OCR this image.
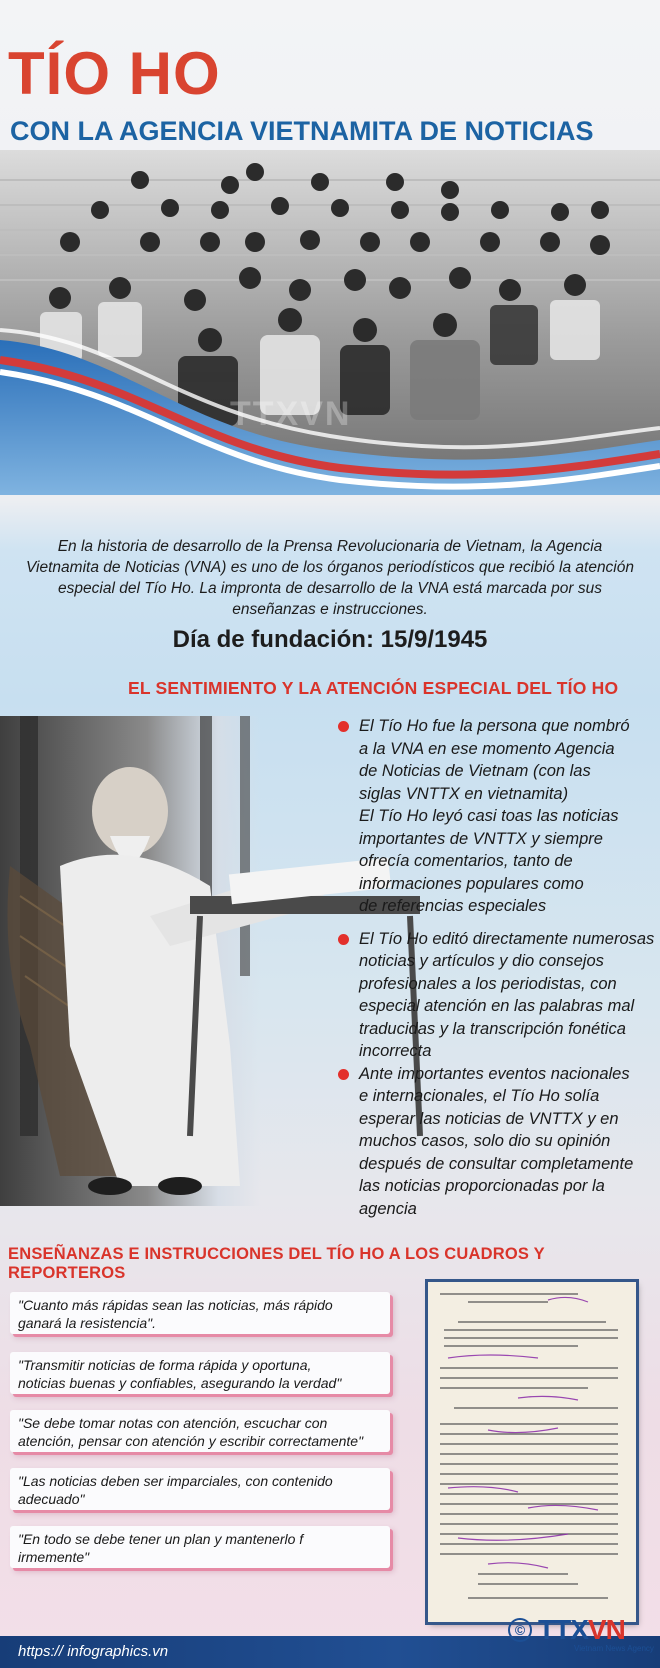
TÍO HO
CON LA AGENCIA VIETNAMITA DE NOTICIAS
TTXVN
En la historia de desarrollo de la Prensa Revolucionaria de Vietnam, la Agencia Vietnamita de Noticias (VNA) es uno de los órganos periodísticos que recibió la atención especial del Tío Ho. La impronta de desarrollo de la VNA está marcada por sus enseñanzas e instrucciones.
Día de fundación: 15/9/1945
EL SENTIMIENTO Y LA ATENCIÓN ESPECIAL DEL TÍO HO

El Tío Ho fue la persona que nombró
a la VNA en ese momento Agencia
de Noticias de Vietnam (con las
siglas VNTTX en vietnamita)
El Tío Ho leyó casi toas las noticias
importantes de VNTTX y siempre
ofrecía comentarios, tanto de
informaciones populares como
de referencias especiales

El Tío Ho editó directamente numerosas
noticias y artículos y dio consejos
profesionales a los periodistas, con
especial atención en las palabras mal
traducidas y la transcripción fonética
incorrecta

Ante importantes eventos nacionales
e internacionales, el Tío Ho solía
esperar las noticias de VNTTX y en
muchos casos, solo dio su opinión
después de consultar completamente
las noticias proporcionadas por la
agencia

ENSEÑANZAS E INSTRUCCIONES DEL TÍO HO A LOS CUADROS Y REPORTEROS
"Cuanto más rápidas sean las noticias, más rápido
ganará la resistencia".
"Transmitir noticias de forma rápida y oportuna,
noticias buenas y confiables, asegurando la verdad"
"Se debe tomar notas con atención, escuchar con
atención, pensar con atención y escribir correctamente"
"Las noticias deben ser imparciales, con contenido
adecuado"
"En todo se debe tener un plan y mantenerlo f
irmemente"
https:// infographics.vn
© TTXVN
Vietnam News Agency
